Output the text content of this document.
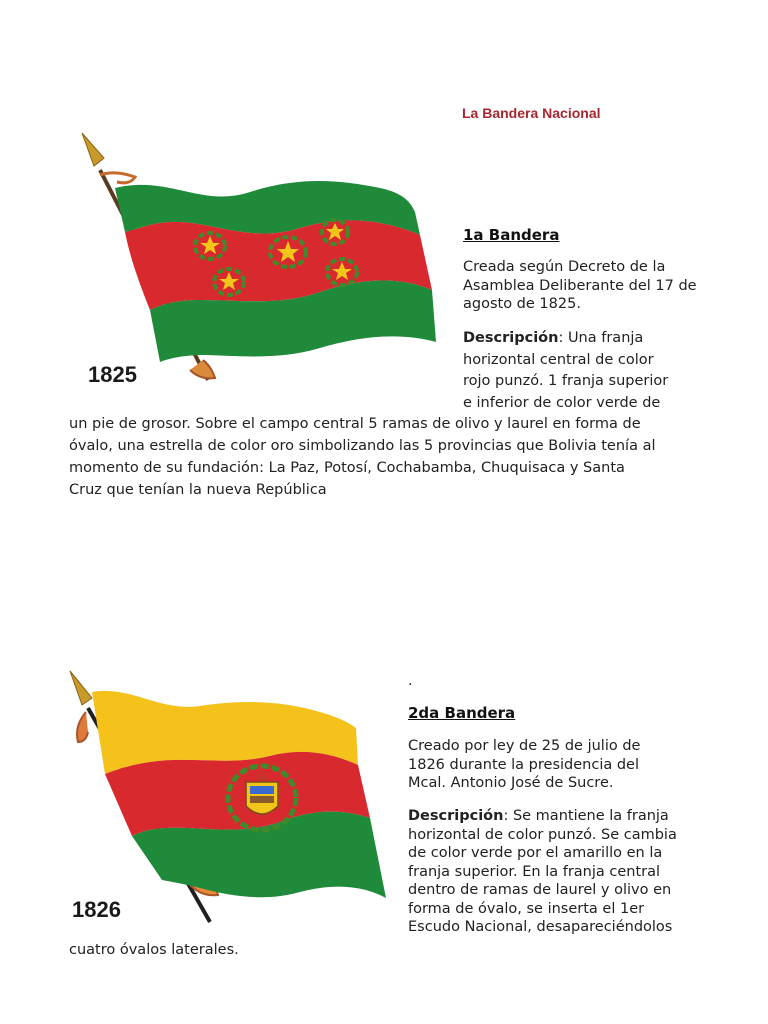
La Bandera Nacional
1825
1a Bandera
Creada según Decreto de la Asamblea Deliberante del 17 de agosto de 1825.
Descripción: Una franja
horizontal central de color
rojo punzó. 1 franja superior
e inferior de color verde de
un pie de grosor. Sobre el campo central 5 ramas de olivo y laurel en forma de
óvalo, una estrella de color oro simbolizando las 5 provincias que Bolivia tenía al
momento de su fundación: La Paz, Potosí, Cochabamba, Chuquisaca y Santa
Cruz que tenían la nueva República
.
1826
2da Bandera
Creado por ley de 25 de julio de
1826 durante la presidencia del
Mcal. Antonio José de Sucre.
Descripción: Se mantiene la franja
horizontal de color punzó. Se cambia
de color verde por el amarillo en la
franja superior. En la franja central
dentro de ramas de laurel y olivo en
forma de óvalo, se inserta el 1er
Escudo Nacional, desapareciéndolos
cuatro óvalos laterales.
